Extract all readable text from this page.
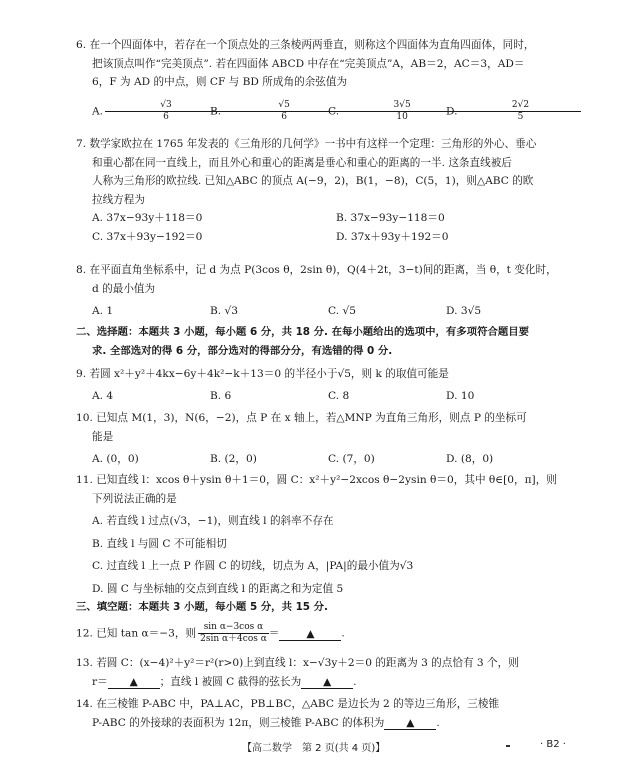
6. 在一个四面体中，若存在一个顶点处的三条棱两两垂直，则称这个四面体为直角四面体，同时，

把该顶点叫作“完美顶点”. 若在四面体 ABCD 中存在“完美顶点”A，AB＝2，AC＝3，AD＝

6，F 为 AD 的中点，则 CF 与 BD 所成角的余弦值为

A. $\frac{√3}{6}$
B. $\frac{√5}{6}$
C. $\frac{3√5}{10}$
D. $\frac{2√2}{5}$

7. 数学家欧拉在 1765 年发表的《三角形的几何学》一书中有这样一个定理：三角形的外心、垂心

和重心都在同一直线上，而且外心和重心的距离是垂心和重心的距离的一半. 这条直线被后

人称为三角形的欧拉线. 已知△ABC 的顶点 A(−9，2)，B(1，−8)，C(5，1)，则△ABC 的欧

拉线方程为

A. 37x−93y＋118＝0	B. 37x−93y−118＝0
C. 37x＋93y−192＝0	D. 37x＋93y＋192＝0

8. 在平面直角坐标系中，记 d 为点 P(3cos θ，2sin θ)，Q(4＋2t，3−t)间的距离，当 θ，t 变化时，

d 的最小值为

A. 1	B. √3	C. √5	D. 3√5

二、选择题：本题共 3 小题，每小题 6 分，共 18 分. 在每小题给出的选项中，有多项符合题目要

求. 全部选对的得 6 分，部分选对的得部分分，有选错的得 0 分.

9. 若圆 x²＋y²＋4kx−6y＋4k²−k＋13＝0 的半径小于√5，则 k 的取值可能是

A. 4	B. 6	C. 8	D. 10

10. 已知点 M(1，3)，N(6，−2)，点 P 在 x 轴上，若△MNP 为直角三角形，则点 P 的坐标可

能是

A. (0，0)	B. (2，0)	C. (7，0)	D. (8，0)

11. 已知直线 l：xcos θ＋ysin θ＋1＝0，圆 C：x²＋y²−2xcos θ−2ysin θ＝0，其中 θ∈[0，π]，则

下列说法正确的是

A. 若直线 l 过点(√3，−1)，则直线 l 的斜率不存在

B. 直线 l 与圆 C 不可能相切

C. 过直线 l 上一点 P 作圆 C 的切线，切点为 A，|PA|的最小值为√3

D. 圆 C 与坐标轴的交点到直线 l 的距离之和为定值 5

三、填空题：本题共 3 小题，每小题 5 分，共 15 分.

12. 已知 tan α＝−3，则 $\frac{\text{sin α−3cos α}}{\text{2sin α＋4cos α}}$ ＝	▲	.

13. 若圆 C：(x−4)²＋y²＝r²(r>0)上到直线 l：x−√3y＋2＝0 的距离为 3 的点恰有 3 个，则

r＝ ▲ ；直线 l 被圆 C 截得的弦长为 ▲ .

14. 在三棱锥 P-ABC 中，PA⊥AC，PB⊥BC，△ABC 是边长为 2 的等边三角形，三棱锥

P-ABC 的外接球的表面积为 12π，则三棱锥 P-ABC 的体积为 ▲ .

【高二数学　第 2 页(共 4 页)】	· B2 ·
